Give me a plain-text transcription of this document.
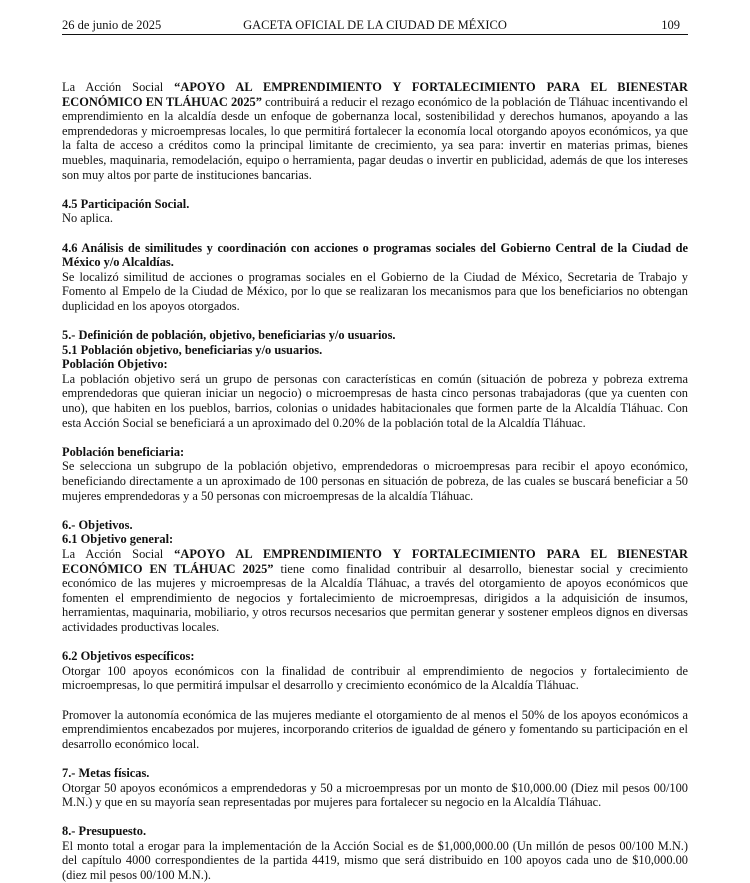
26 de junio de 2025	GACETA OFICIAL DE LA CIUDAD DE MÉXICO	109

La Acción Social “APOYO AL EMPRENDIMIENTO Y FORTALECIMIENTO PARA EL BIENESTAR ECONÓMICO EN TLÁHUAC 2025” contribuirá a reducir el rezago económico de la población de Tláhuac incentivando el emprendimiento en la alcaldía desde un enfoque de gobernanza local, sostenibilidad y derechos humanos, apoyando a las emprendedoras y microempresas locales, lo que permitirá fortalecer la economía local otorgando apoyos económicos, ya que la falta de acceso a créditos como la principal limitante de crecimiento, ya sea para: invertir en materias primas, bienes muebles, maquinaria, remodelación, equipo o herramienta, pagar deudas o invertir en publicidad, además de que los intereses son muy altos por parte de instituciones bancarias.

4.5 Participación Social.

No aplica.

4.6 Análisis de similitudes y coordinación con acciones o programas sociales del Gobierno Central de la Ciudad de México y/o Alcaldías.

Se localizó similitud de acciones o programas sociales en el Gobierno de la Ciudad de México, Secretaria de Trabajo y Fomento al Empelo de la Ciudad de México, por lo que se realizaran los mecanismos para que los beneficiarios no obtengan duplicidad en los apoyos otorgados.

5.- Definición de población, objetivo, beneficiarias y/o usuarios.

5.1 Población objetivo, beneficiarias y/o usuarios.

Población Objetivo:

La población objetivo será un grupo de personas con características en común (situación de pobreza y pobreza extrema emprendedoras que quieran iniciar un negocio) o microempresas de hasta cinco personas trabajadoras (que ya cuenten con uno), que habiten en los pueblos, barrios, colonias o unidades habitacionales que formen parte de la Alcaldía Tláhuac. Con esta Acción Social se beneficiará a un aproximado del 0.20% de la población total de la Alcaldía Tláhuac.

Población beneficiaria:

Se selecciona un subgrupo de la población objetivo, emprendedoras o microempresas para recibir el apoyo económico, beneficiando directamente a un aproximado de 100 personas en situación de pobreza, de las cuales se buscará beneficiar a 50 mujeres emprendedoras y a 50 personas con microempresas de la alcaldía Tláhuac.

6.- Objetivos.

6.1 Objetivo general:

La Acción Social “APOYO AL EMPRENDIMIENTO Y FORTALECIMIENTO PARA EL BIENESTAR ECONÓMICO EN TLÁHUAC 2025” tiene como finalidad contribuir al desarrollo, bienestar social y crecimiento económico de las mujeres y microempresas de la Alcaldía Tláhuac, a través del otorgamiento de apoyos económicos que fomenten el emprendimiento de negocios y fortalecimiento de microempresas, dirigidos a la adquisición de insumos, herramientas, maquinaria, mobiliario, y otros recursos necesarios que permitan generar y sostener empleos dignos en diversas actividades productivas locales.

6.2 Objetivos específicos:

Otorgar 100 apoyos económicos con la finalidad de contribuir al emprendimiento de negocios y fortalecimiento de microempresas, lo que permitirá impulsar el desarrollo y crecimiento económico de la Alcaldía Tláhuac.

Promover la autonomía económica de las mujeres mediante el otorgamiento de al menos el 50% de los apoyos económicos a emprendimientos encabezados por mujeres, incorporando criterios de igualdad de género y fomentando su participación en el desarrollo económico local.

7.- Metas físicas.

Otorgar 50 apoyos económicos a emprendedoras y 50 a microempresas por un monto de $10,000.00 (Diez mil pesos 00/100 M.N.) y que en su mayoría sean representadas por mujeres para fortalecer su negocio en la Alcaldía Tláhuac.

8.- Presupuesto.

El monto total a erogar para la implementación de la Acción Social es de $1,000,000.00 (Un millón de pesos 00/100 M.N.) del capítulo 4000 correspondientes de la partida 4419, mismo que será distribuido en 100 apoyos cada uno de $10,000.00 (diez mil pesos 00/100 M.N.).
